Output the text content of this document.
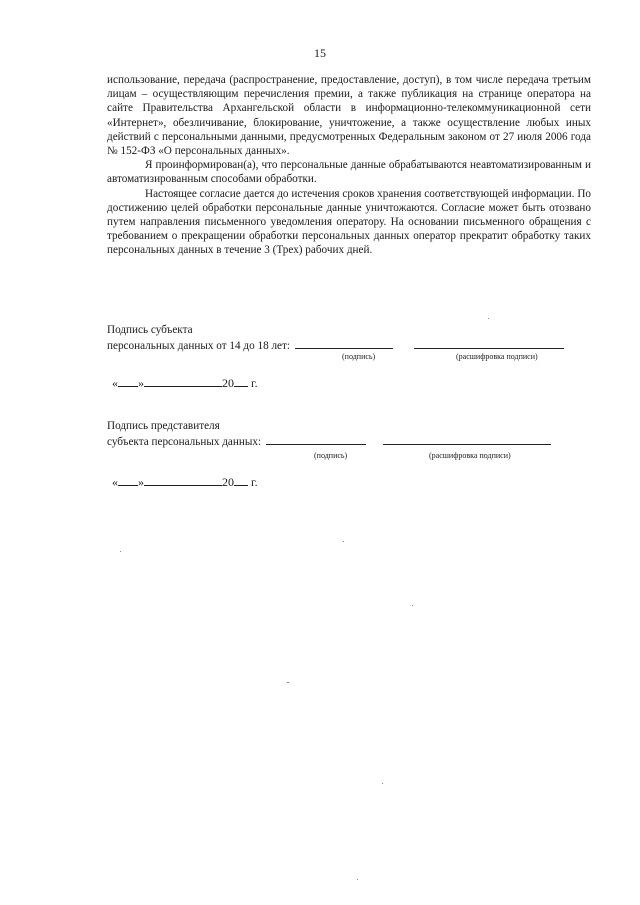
15

использование, передача (распространение, предоставление, доступ), в том числе передача третьим лицам – осуществляющим перечисления премии, а также публикация на странице оператора на сайте Правительства Архангельской области в информационно-телекоммуникационной сети «Интернет», обезличивание, блокирование, уничтожение, а также осуществление любых иных действий с персональными данными, предусмотренных Федеральным законом от 27 июля 2006 года № 152-ФЗ «О персональных данных».

Я проинформирован(а), что персональные данные обрабатываются неавтоматизированным и автоматизированным способами обработки.

Настоящее согласие дается до истечения сроков хранения соответствующей информации. По достижению целей обработки персональные данные уничтожаются. Согласие может быть отозвано путем направления письменного уведомления оператору. На основании письменного обращения с требованием о прекращении обработки персональных данных оператор прекратит обработку таких персональных данных в течение 3 (Трех) рабочих дней.

Подпись субъекта
персональных данных от 14 до 18 лет:
(подпись)	(расшифровка подписи)
« »	20 г.
Подпись представителя
субъекта персональных данных:
(подпись)	(расшифровка подписи)
« »	20 г.
